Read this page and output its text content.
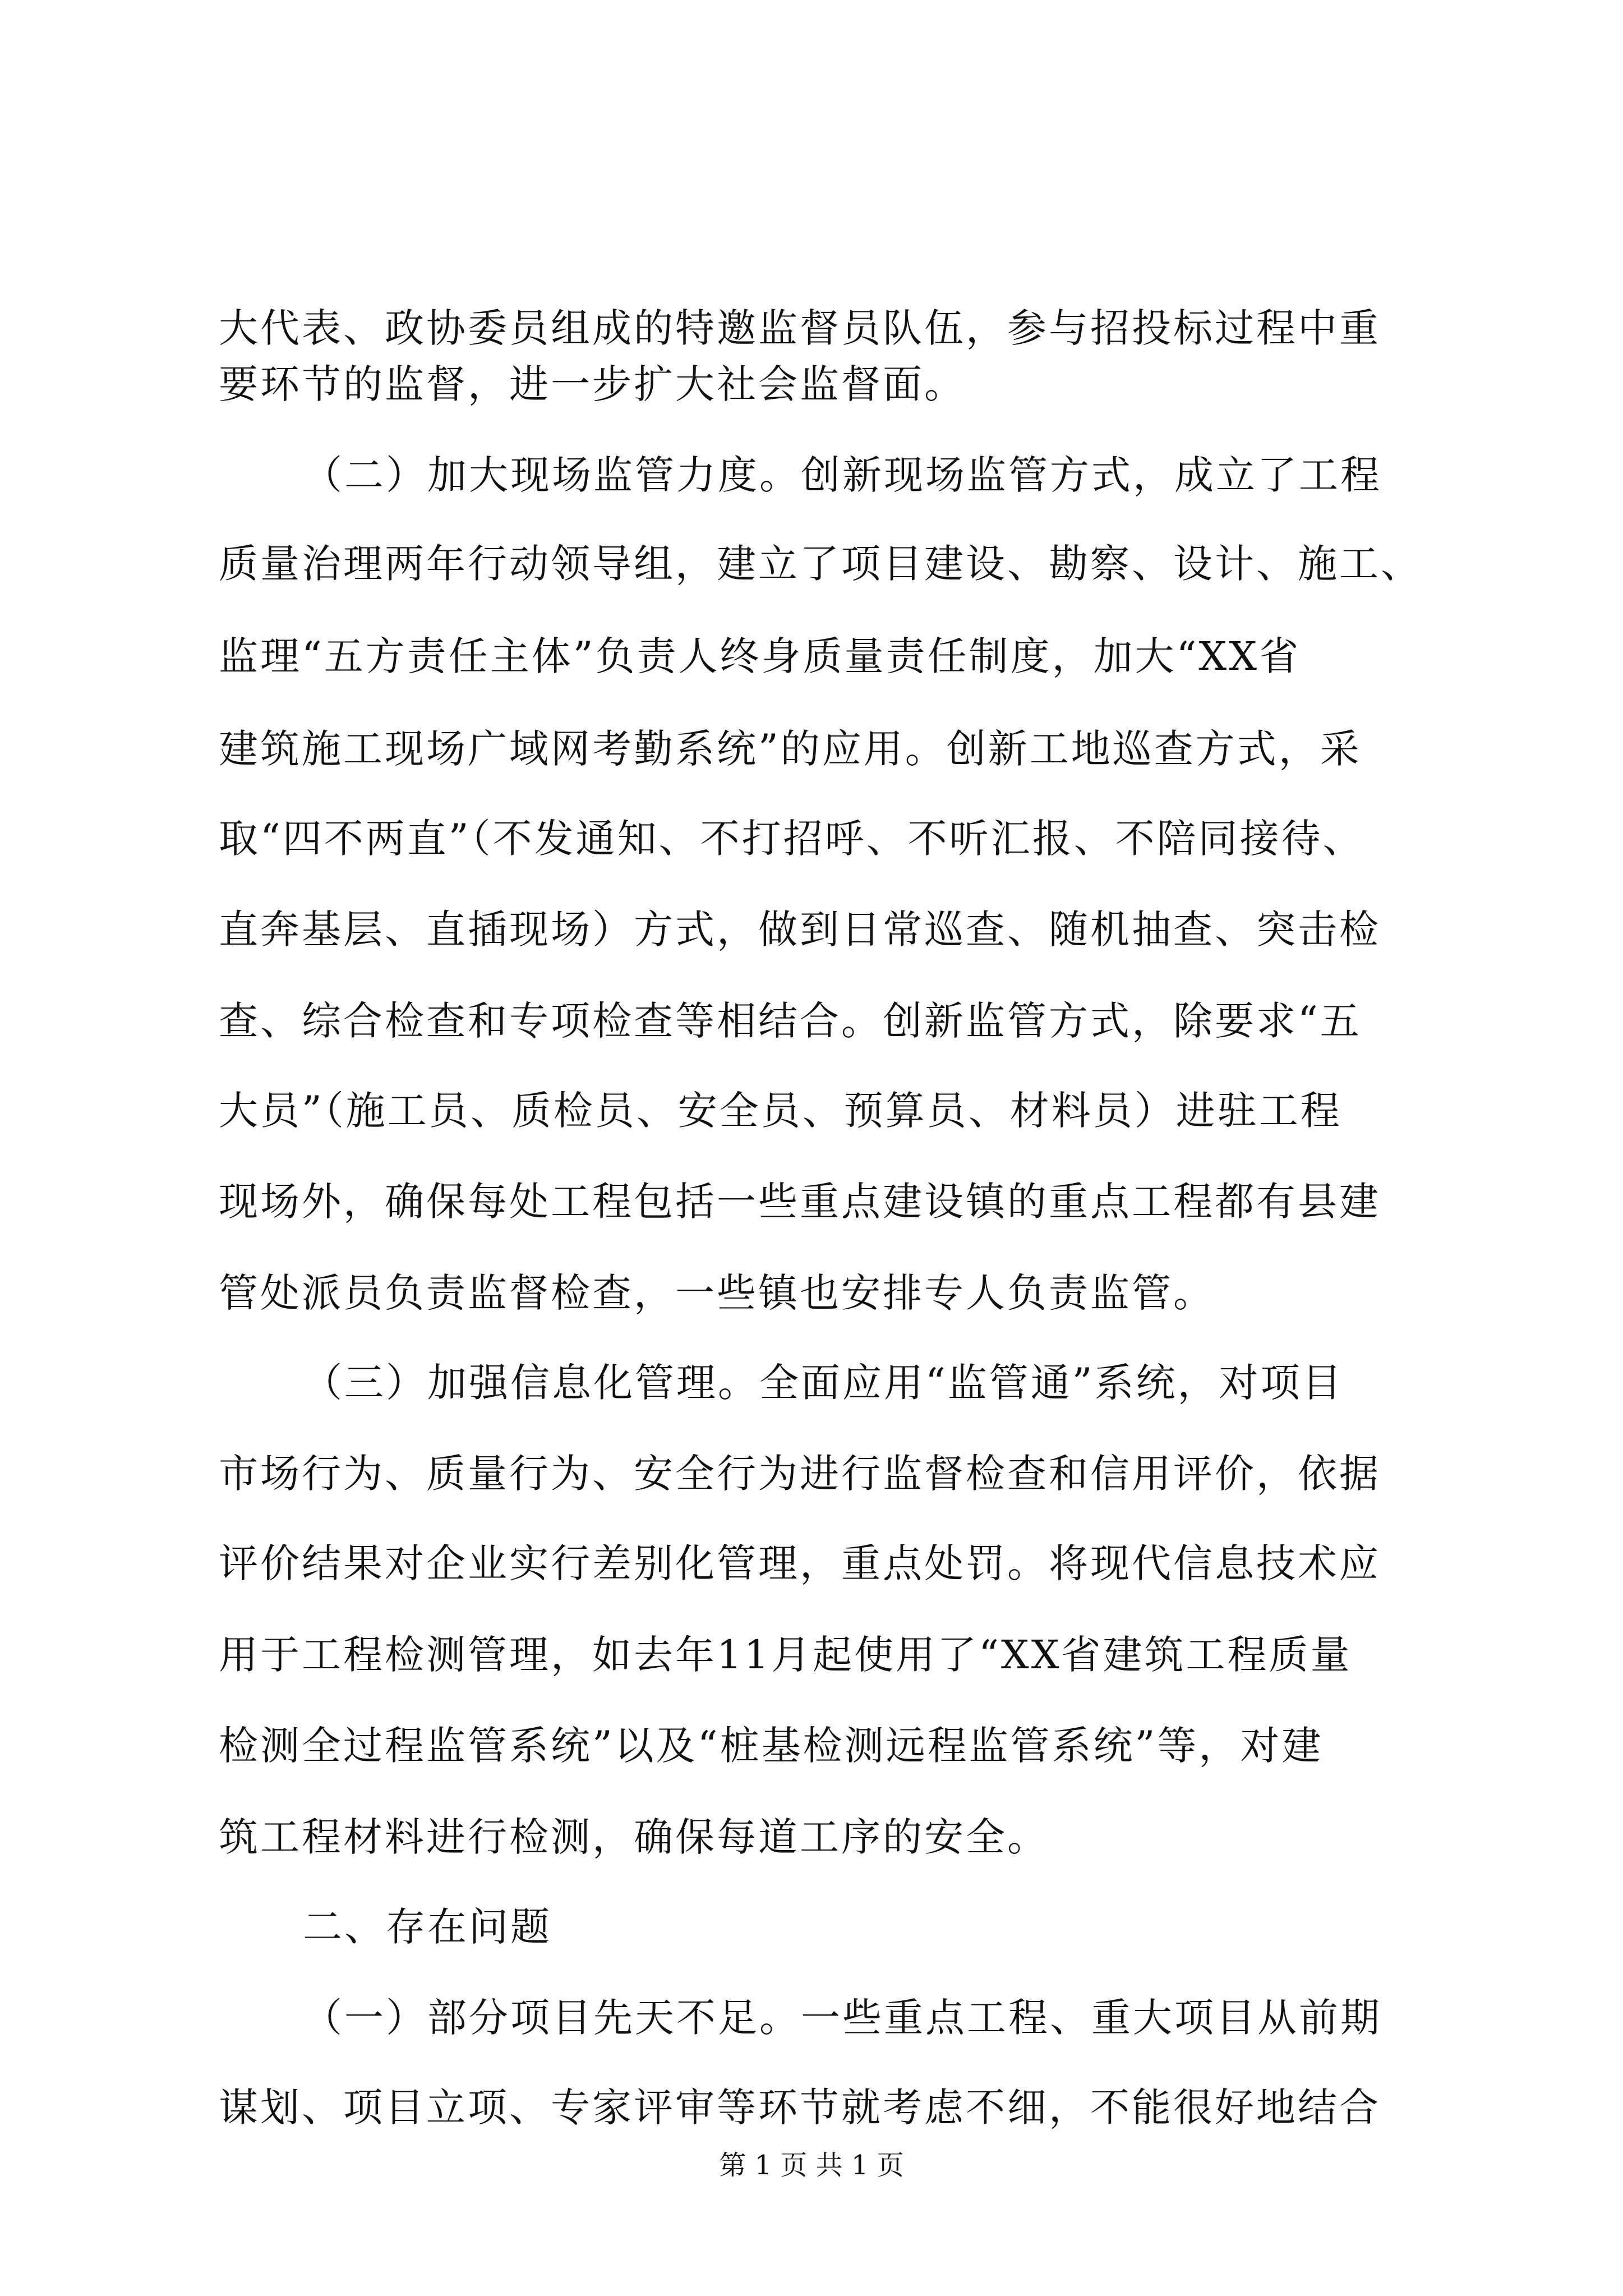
大代表、政协委员组成的特邀监督员队伍，参与招投标过程中重
要环节的监督，进一步扩大社会监督面。
（二）加大现场监管力度。创新现场监管方式，成立了工程
质量治理两年行动领导组，建立了项目建设、勘察、设计、施工、
监理“五方责任主体”负责人终身质量责任制度，加大“XX省
建筑施工现场广域网考勤系统”的应用。创新工地巡查方式，采
取“四不两直”（不发通知、不打招呼、不听汇报、不陪同接待、
直奔基层、直插现场）方式，做到日常巡查、随机抽查、突击检
查、综合检查和专项检查等相结合。创新监管方式，除要求“五
大员”（施工员、质检员、安全员、预算员、材料员）进驻工程
现场外，确保每处工程包括一些重点建设镇的重点工程都有县建
管处派员负责监督检查，一些镇也安排专人负责监管。
（三）加强信息化管理。全面应用“监管通”系统，对项目
市场行为、质量行为、安全行为进行监督检查和信用评价，依据
评价结果对企业实行差别化管理，重点处罚。将现代信息技术应
用于工程检测管理，如去年11月起使用了“XX省建筑工程质量
检测全过程监管系统”以及“桩基检测远程监管系统”等，对建
筑工程材料进行检测，确保每道工序的安全。
二、存在问题
（一）部分项目先天不足。一些重点工程、重大项目从前期
谋划、项目立项、专家评审等环节就考虑不细，不能很好地结合
第 1 页 共 1 页
